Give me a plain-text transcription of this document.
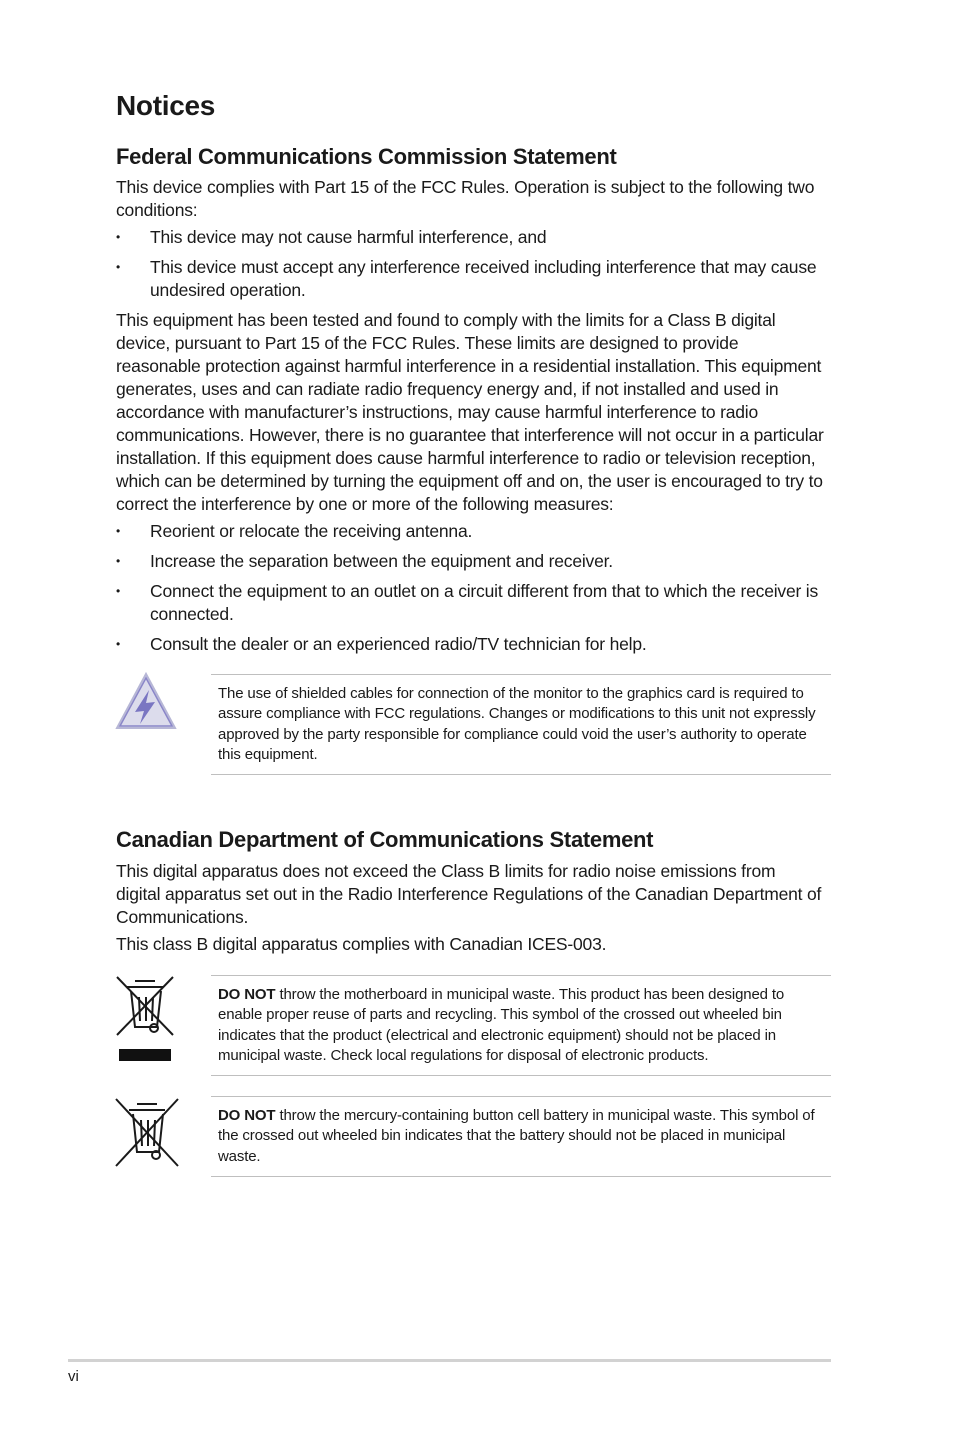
Notices
Federal Communications Commission Statement

This device complies with Part 15 of the FCC Rules. Operation is subject to the following two conditions:

• This device may not cause harmful interference, and
• This device must accept any interference received including interference that may cause undesired operation.

This equipment has been tested and found to comply with the limits for a Class B digital device, pursuant to Part 15 of the FCC Rules. These limits are designed to provide reasonable protection against harmful interference in a residential installation. This equipment generates, uses and can radiate radio frequency energy and, if not installed and used in accordance with manufacturer’s instructions, may cause harmful interference to radio communications. However, there is no guarantee that interference will not occur in a particular installation. If this equipment does cause harmful interference to radio or television reception, which can be determined by turning the equipment off and on, the user is encouraged to try to correct the interference by one or more of the following measures:

• Reorient or relocate the receiving antenna.
• Increase the separation between the equipment and receiver.
• Connect the equipment to an outlet on a circuit different from that to which the receiver is connected.
• Consult the dealer or an experienced radio/TV technician for help.

The use of shielded cables for connection of the monitor to the graphics card is required to assure compliance with FCC regulations. Changes or modifications to this unit not expressly approved by the party responsible for compliance could void the user’s authority to operate this equipment.

Canadian Department of Communications Statement

This digital apparatus does not exceed the Class B limits for radio noise emissions from digital apparatus set out in the Radio Interference Regulations of the Canadian Department of Communications.

This class B digital apparatus complies with Canadian ICES-003.

DO NOT throw the motherboard in municipal waste. This product has been designed to enable proper reuse of parts and recycling. This symbol of the crossed out wheeled bin indicates that the product (electrical and electronic equipment) should not be placed in municipal waste. Check local regulations for disposal of electronic products.

DO NOT throw the mercury-containing button cell battery in municipal waste. This symbol of the crossed out wheeled bin indicates that the battery should not be placed in municipal waste.

vi
